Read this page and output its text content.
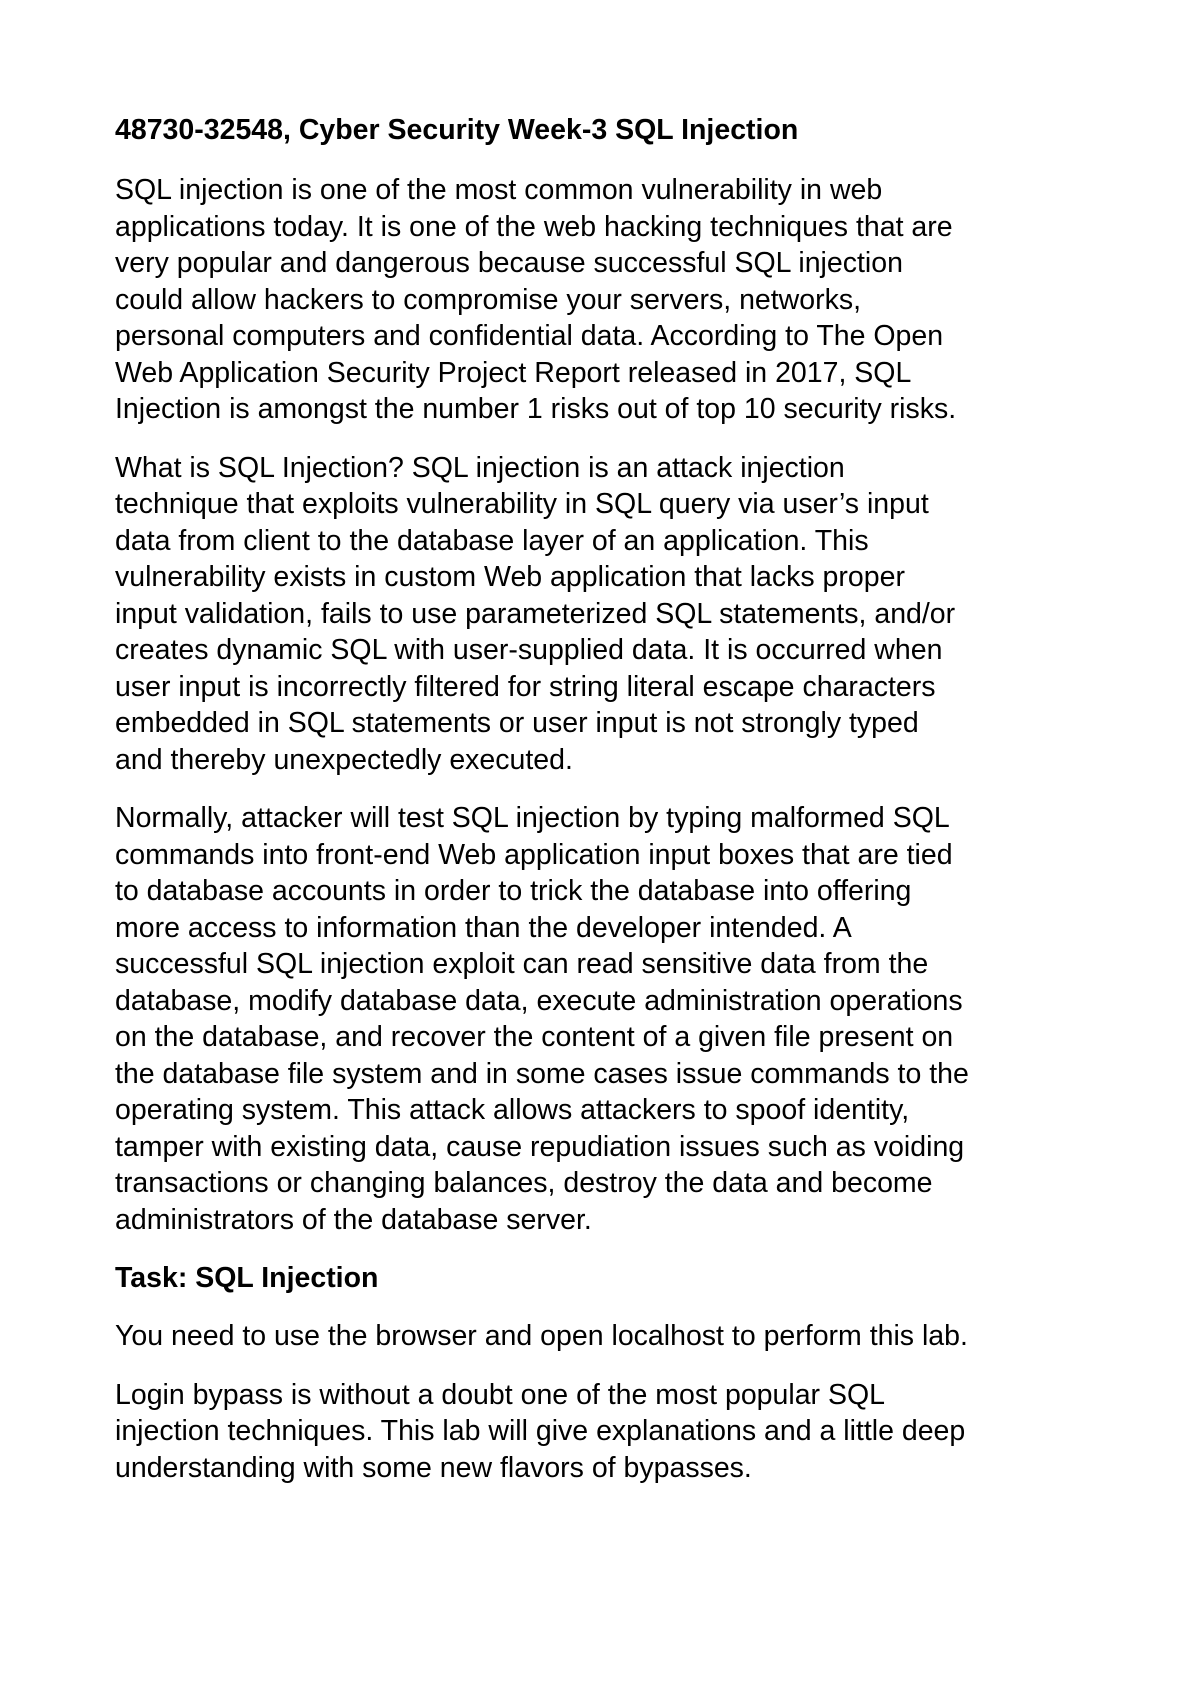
48730-32548, Cyber Security Week-3 SQL Injection
SQL injection is one of the most common vulnerability in web
applications today. It is one of the web hacking techniques that are
very popular and dangerous because successful SQL injection
could allow hackers to compromise your servers, networks,
personal computers and confidential data. According to The Open
Web Application Security Project Report released in 2017, SQL
Injection is amongst the number 1 risks out of top 10 security risks.
What is SQL Injection? SQL injection is an attack injection
technique that exploits vulnerability in SQL query via user’s input
data from client to the database layer of an application. This
vulnerability exists in custom Web application that lacks proper
input validation, fails to use parameterized SQL statements, and/or
creates dynamic SQL with user-supplied data. It is occurred when
user input is incorrectly filtered for string literal escape characters
embedded in SQL statements or user input is not strongly typed
and thereby unexpectedly executed.
Normally, attacker will test SQL injection by typing malformed SQL
commands into front-end Web application input boxes that are tied
to database accounts in order to trick the database into offering
more access to information than the developer intended. A
successful SQL injection exploit can read sensitive data from the
database, modify database data, execute administration operations
on the database, and recover the content of a given file present on
the database file system and in some cases issue commands to the
operating system. This attack allows attackers to spoof identity,
tamper with existing data, cause repudiation issues such as voiding
transactions or changing balances, destroy the data and become
administrators of the database server.
Task: SQL Injection
You need to use the browser and open localhost to perform this lab.
Login bypass is without a doubt one of the most popular SQL
injection techniques. This lab will give explanations and a little deep
understanding with some new flavors of bypasses.
